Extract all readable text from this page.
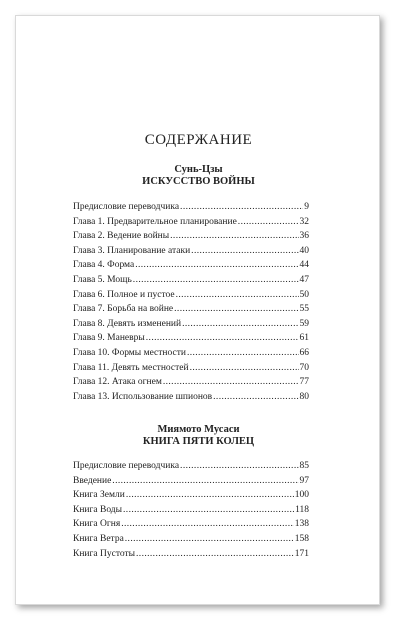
СОДЕРЖАНИЕ

Сунь-Цзы

ИСКУССТВО ВОЙНЫ

Предисловие переводчика .....	9
Глава 1. Предварительное планирование .....	32
Глава 2. Ведение войны .....	36
Глава 3. Планирование атаки .....	40
Глава 4. Форма .....	44
Глава 5. Мощь .....	47
Глава 6. Полное и пустое .....	50
Глава 7. Борьба на войне .....	55
Глава 8. Девять изменений .....	59
Глава 9. Маневры .....	61
Глава 10. Формы местности .....	66
Глава 11. Девять местностей .....	70
Глава 12. Атака огнем .....	77
Глава 13. Использование шпионов .....	80

Миямото Мусаси

КНИГА ПЯТИ КОЛЕЦ

Предисловие переводчика .....	85
Введение .....	97
Книга Земли .....	100
Книга Воды .....	118
Книга Огня .....	138
Книга Ветра .....	158
Книга Пустоты .....	171
